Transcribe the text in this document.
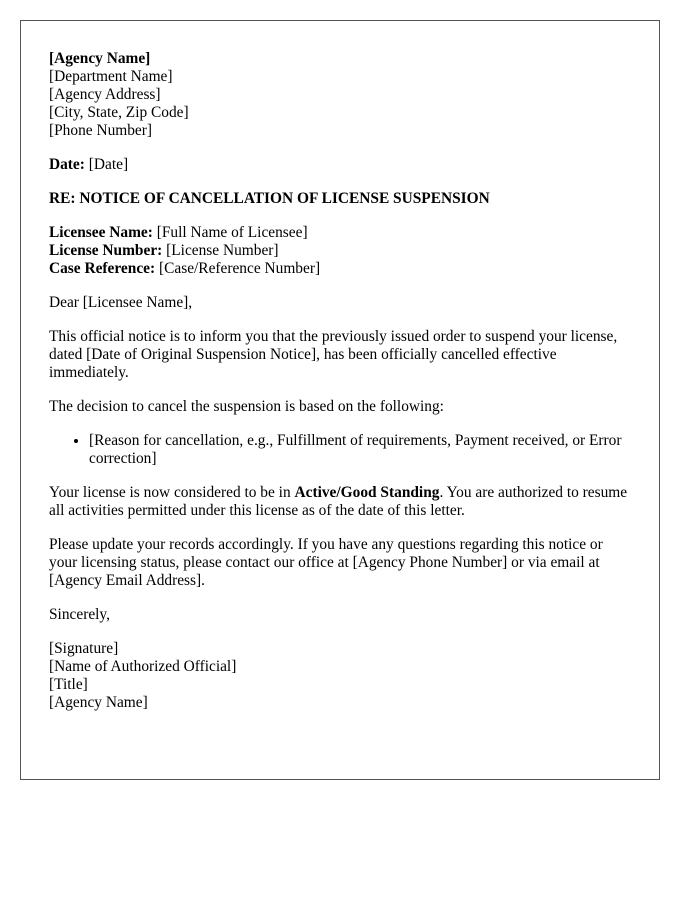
[Agency Name]
[Department Name]
[Agency Address]
[City, State, Zip Code]
[Phone Number]
Date: [Date]
RE: NOTICE OF CANCELLATION OF LICENSE SUSPENSION
Licensee Name: [Full Name of Licensee]
License Number: [License Number]
Case Reference: [Case/Reference Number]
Dear [Licensee Name],
This official notice is to inform you that the previously issued order to suspend your license, dated [Date of Original Suspension Notice], has been officially cancelled effective immediately.
The decision to cancel the suspension is based on the following:
• [Reason for cancellation, e.g., Fulfillment of requirements, Payment received, or Error correction]
Your license is now considered to be in Active/Good Standing. You are authorized to resume all activities permitted under this license as of the date of this letter.
Please update your records accordingly. If you have any questions regarding this notice or your licensing status, please contact our office at [Agency Phone Number] or via email at [Agency Email Address].
Sincerely,
[Signature]
[Name of Authorized Official]
[Title]
[Agency Name]
